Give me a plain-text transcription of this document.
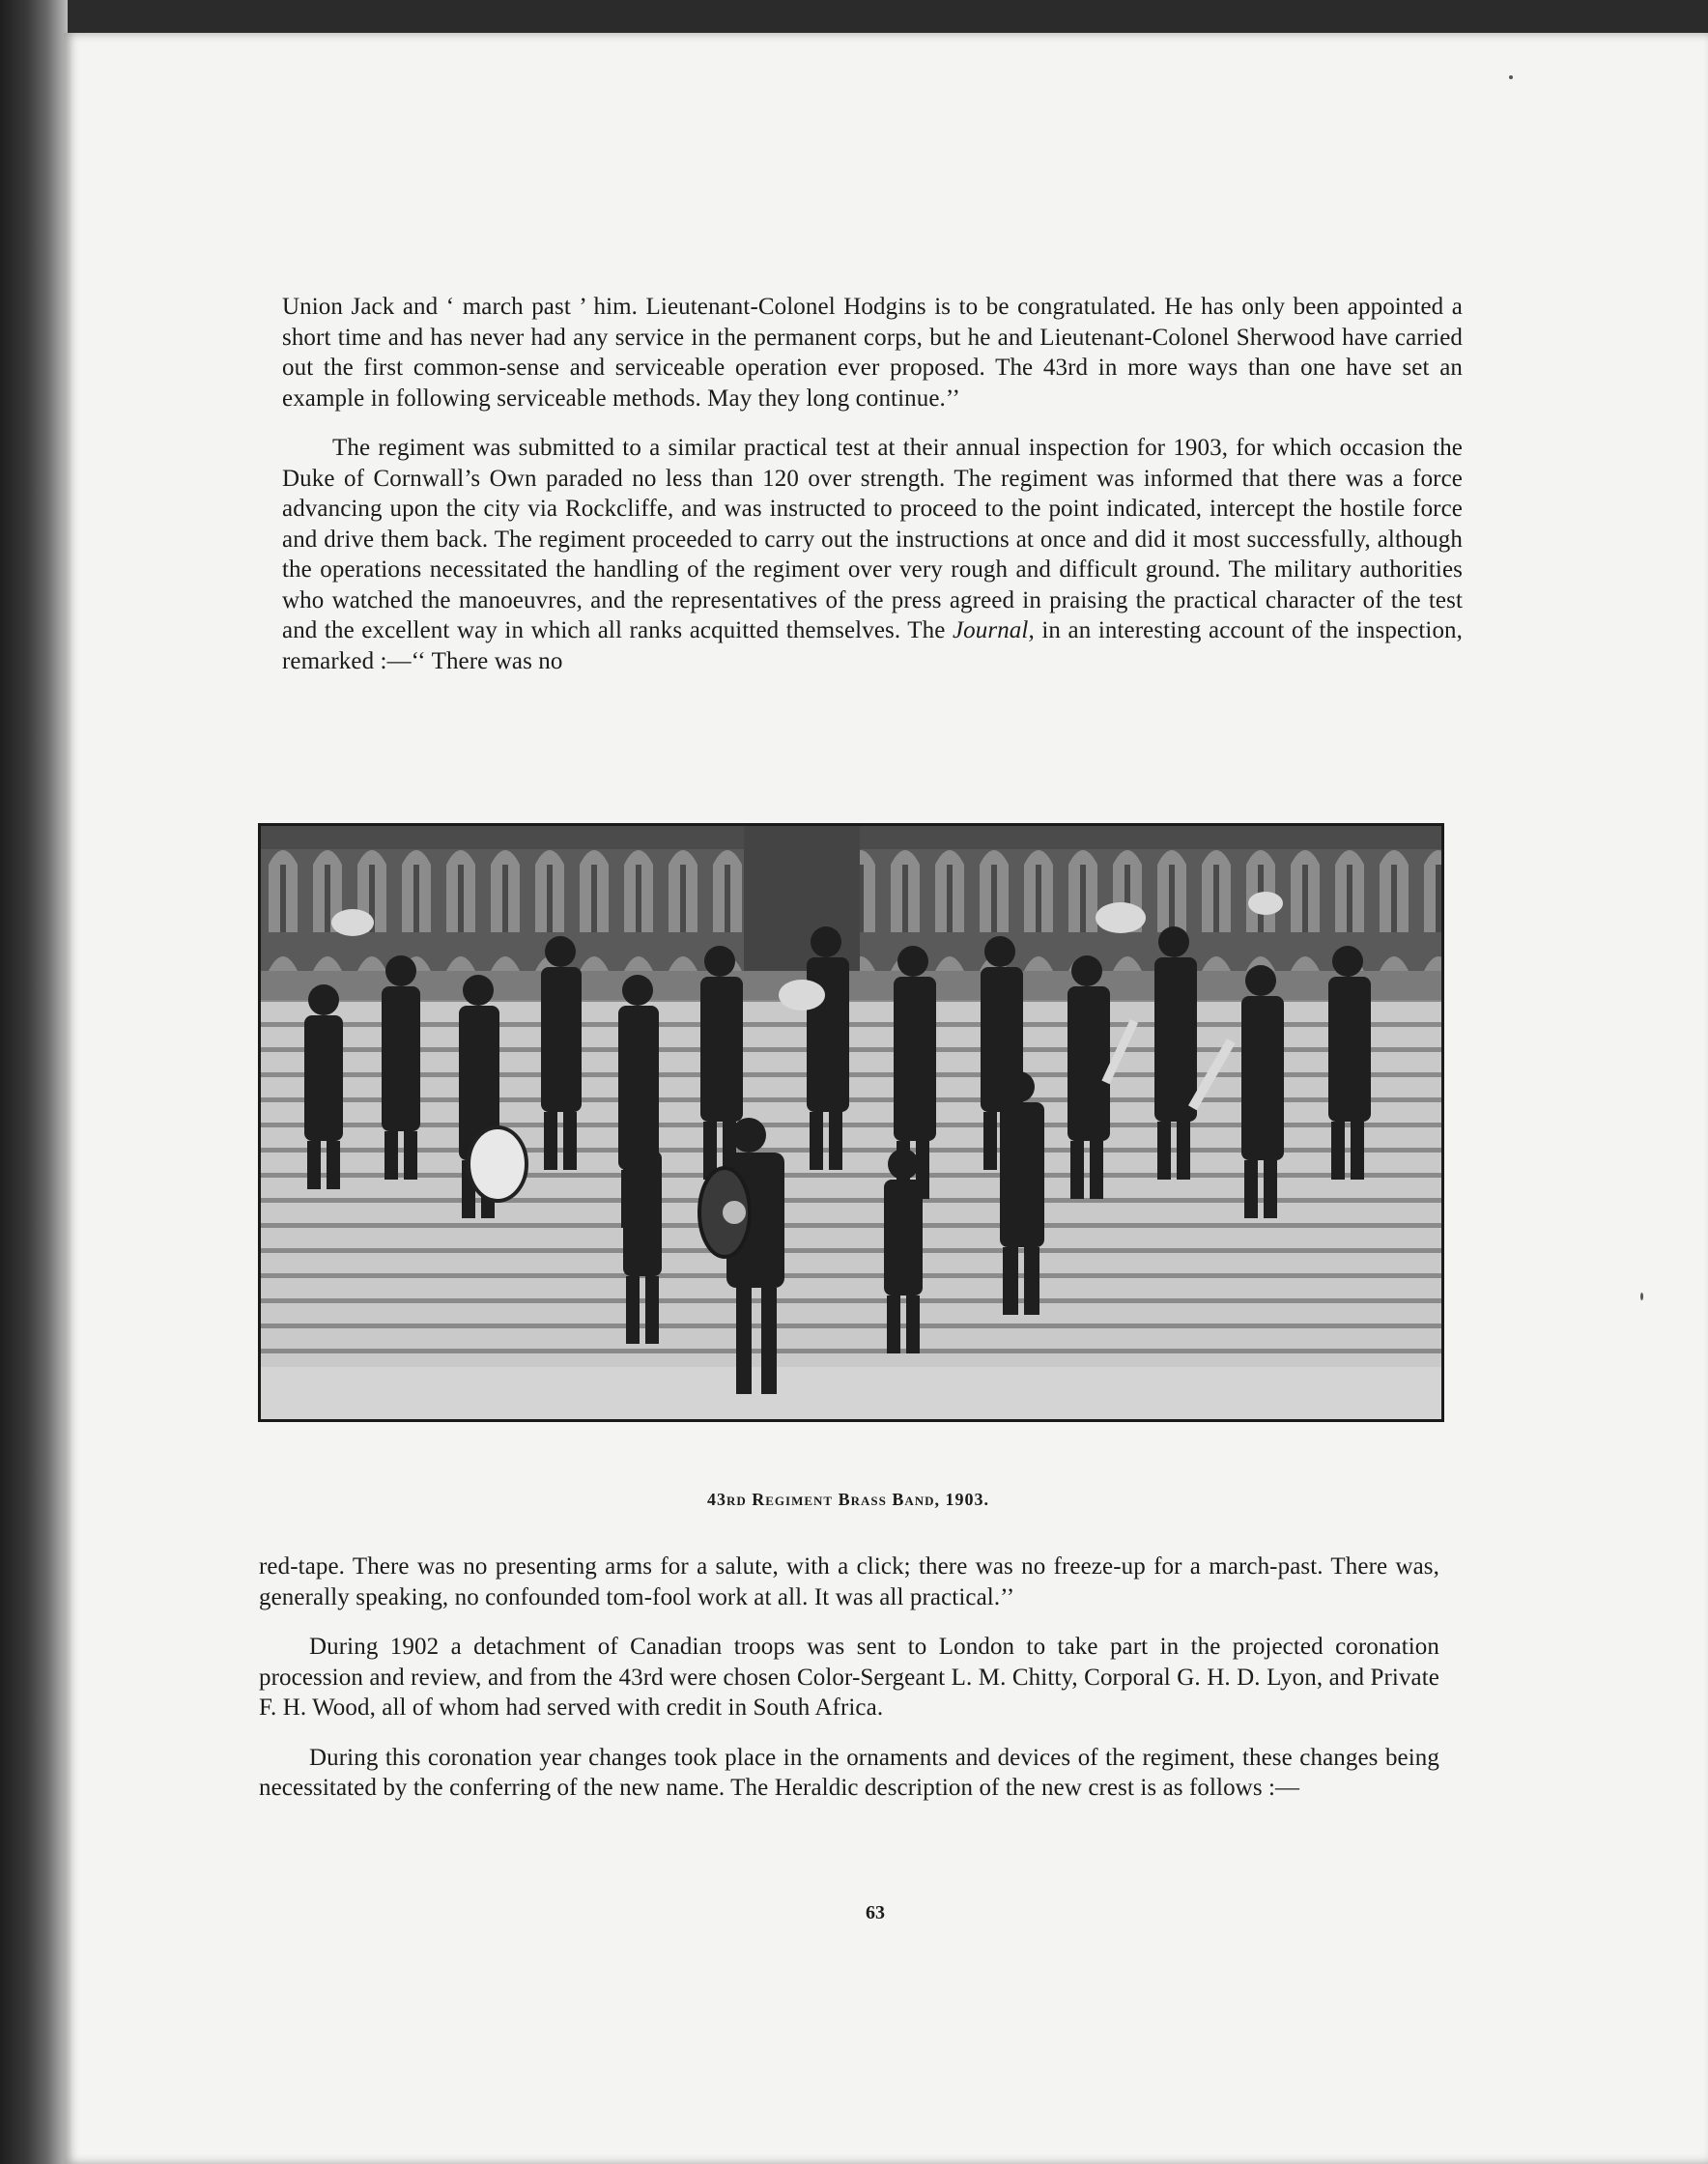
Union Jack and ‘ march past ’ him. Lieutenant-Colonel Hodgins is to be congratulated. He has only been appointed a short time and has never had any service in the permanent corps, but he and Lieutenant-Colonel Sherwood have carried out the first common-sense and serviceable operation ever proposed. The 43rd in more ways than one have set an example in following serviceable methods. May they long continue.’’

The regiment was submitted to a similar practical test at their annual inspection for 1903, for which occasion the Duke of Cornwall’s Own paraded no less than 120 over strength. The regiment was informed that there was a force advancing upon the city via Rockcliffe, and was instructed to proceed to the point indicated, intercept the hostile force and drive them back. The regiment proceeded to carry out the instructions at once and did it most successfully, although the operations necessitated the handling of the regiment over very rough and difficult ground. The military authorities who watched the manoeuvres, and the representatives of the press agreed in praising the practical character of the test and the excellent way in which all ranks acquitted themselves. The Journal, in an interesting account of the inspection, remarked :—‘‘ There was no

43rd Regiment Brass Band, 1903.

red-tape. There was no presenting arms for a salute, with a click; there was no freeze-up for a march-past. There was, generally speaking, no confounded tom-fool work at all. It was all practical.’’

During 1902 a detachment of Canadian troops was sent to London to take part in the projected coronation procession and review, and from the 43rd were chosen Color-Sergeant L. M. Chitty, Corporal G. H. D. Lyon, and Private F. H. Wood, all of whom had served with credit in South Africa.

During this coronation year changes took place in the ornaments and devices of the regiment, these changes being necessitated by the conferring of the new name. The Heraldic description of the new crest is as follows :—

63
